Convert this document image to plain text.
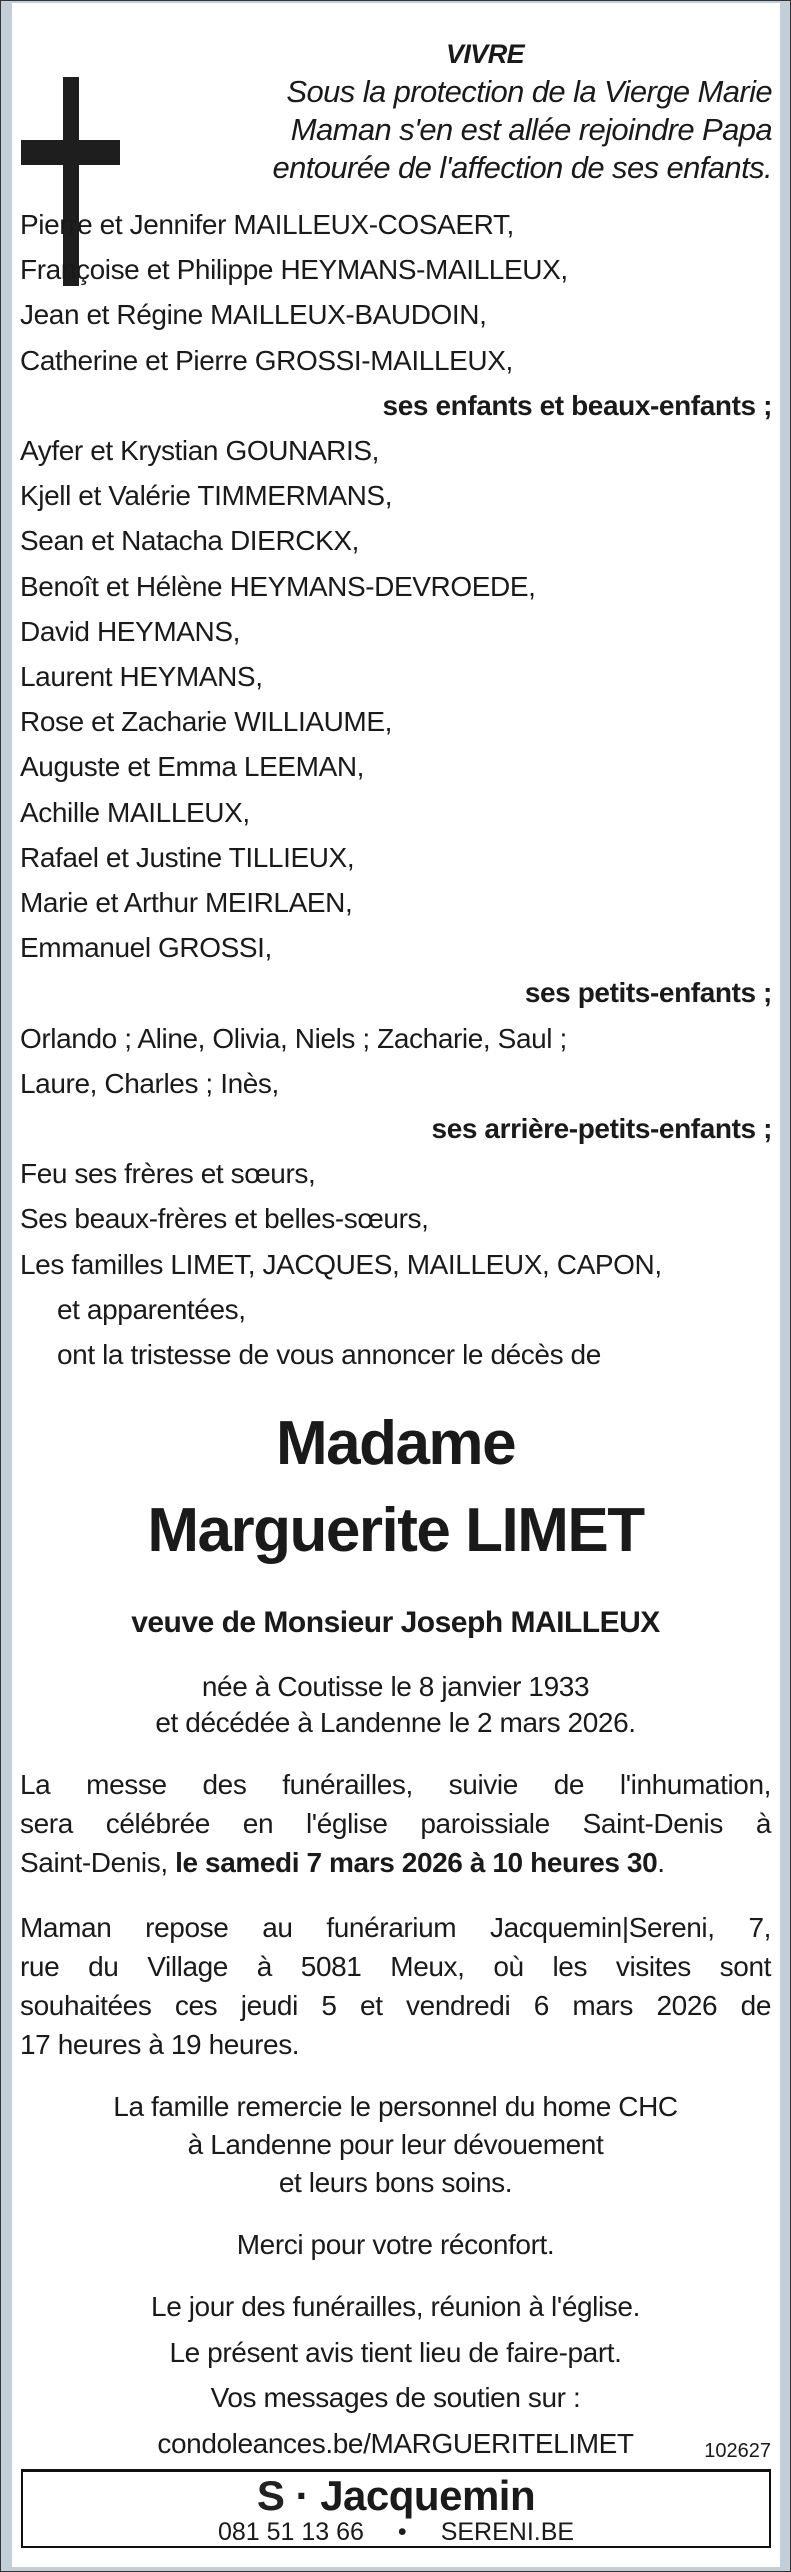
VIVRE
Sous la protection de la Vierge Marie
Maman s'en est allée rejoindre Papa
entourée de l'affection de ses enfants.
Pierre et Jennifer MAILLEUX-COSAERT,
Françoise et Philippe HEYMANS-MAILLEUX,
Jean et Régine MAILLEUX-BAUDOIN,
Catherine et Pierre GROSSI-MAILLEUX,
ses enfants et beaux-enfants ;
Ayfer et Krystian GOUNARIS,
Kjell et Valérie TIMMERMANS,
Sean et Natacha DIERCKX,
Benoît et Hélène HEYMANS-DEVROEDE,
David HEYMANS,
Laurent HEYMANS,
Rose et Zacharie WILLIAUME,
Auguste et Emma LEEMAN,
Achille MAILLEUX,
Rafael et Justine TILLIEUX,
Marie et Arthur MEIRLAEN,
Emmanuel GROSSI,
ses petits-enfants ;
Orlando ; Aline, Olivia, Niels ; Zacharie, Saul ;
Laure, Charles ; Inès,
ses arrière-petits-enfants ;
Feu ses frères et sœurs,
Ses beaux-frères et belles-sœurs,
Les familles LIMET, JACQUES, MAILLEUX, CAPON,
et apparentées,
ont la tristesse de vous annoncer le décès de
Madame
Marguerite LIMET
veuve de Monsieur Joseph MAILLEUX
née à Coutisse le 8 janvier 1933
et décédée à Landenne le 2 mars 2026.
La messe des funérailles, suivie de l'inhumation,
sera célébrée en l'église paroissiale Saint-Denis à
Saint-Denis, le samedi 7 mars 2026 à 10 heures 30.
Maman repose au funérarium Jacquemin|Sereni, 7,
rue du Village à 5081 Meux, où les visites sont
souhaitées ces jeudi 5 et vendredi 6 mars 2026 de
17 heures à 19 heures.
La famille remercie le personnel du home CHC
à Landenne pour leur dévouement
et leurs bons soins.
Merci pour votre réconfort.
Le jour des funérailles, réunion à l'église.
Le présent avis tient lieu de faire-part.
Vos messages de soutien sur :
condoleances.be/MARGUERITELIMET	102627
S · Jacquemin
081 51 13 66 • SERENI.BE
